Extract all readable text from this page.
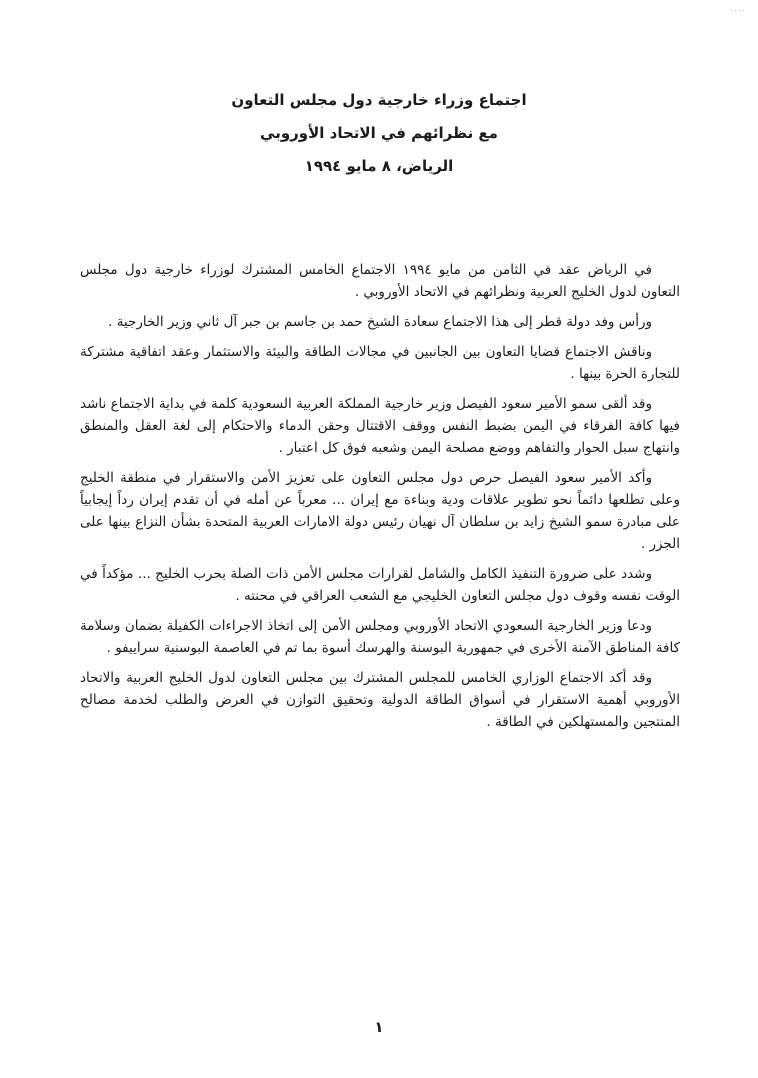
....
اجتماع وزراء خارجية دول مجلس التعاون
مع نظرائهم في الاتحاد الأوروبي
الرياض، ٨ مايو ١٩٩٤

في الرياض عقد في الثامن من مايو ١٩٩٤ الاجتماع الخامس المشترك لوزراء خارجية دول مجلس التعاون لدول الخليج العربية ونظرائهم في الاتحاد الأوروبي .

ورأس وفد دولة قطر إلى هذا الاجتماع سعادة الشيخ حمد بن جاسم بن جبر آل ثاني وزير الخارجية .

وناقش الاجتماع قضايا التعاون بين الجانبين في مجالات الطاقة والبيئة والاستثمار وعقد اتفاقية مشتركة للتجارة الحرة بينها .

وقد ألقى سمو الأمير سعود الفيصل وزير خارجية المملكة العربية السعودية كلمة في بداية الاجتماع ناشد فيها كافة الفرقاء في اليمن بضبط النفس ووقف الاقتتال وحقن الدماء والاحتكام إلى لغة العقل والمنطق وانتهاج سبل الحوار والتفاهم ووضع مصلحة اليمن وشعبه فوق كل اعتبار .

وأكد الأمير سعود الفيصل حرص دول مجلس التعاون على تعزيز الأمن والاستقرار في منطقة الخليج وعلى تطلعها دائماً نحو تطوير علاقات ودية وبناءة مع إيران ... معرباً عن أمله في أن تقدم إيران رداً إيجابياً على مبادرة سمو الشيخ زايد بن سلطان آل نهيان رئيس دولة الامارات العربية المتحدة بشأن النزاع بينها على الجزر .

وشدد على ضرورة التنفيذ الكامل والشامل لقرارات مجلس الأمن ذات الصلة بحرب الخليج ... مؤكداً في الوقت نفسه وقوف دول مجلس التعاون الخليجي مع الشعب العراقي في محنته .

ودعا وزير الخارجية السعودي الاتحاد الأوروبي ومجلس الأمن إلى اتخاذ الاجراءات الكفيلة بضمان وسلامة كافة المناطق الآمنة الأخرى في جمهورية البوسنة والهرسك أسوة بما تم في العاصمة البوسنية سراييفو .

وقد أكد الاجتماع الوزاري الخامس للمجلس المشترك بين مجلس التعاون لدول الخليج العربية والاتحاد الأوروبي أهمية الاستقرار في أسواق الطاقة الدولية وتحقيق التوازن في العرض والطلب لخدمة مصالح المنتجين والمستهلكين في الطاقة .

١
